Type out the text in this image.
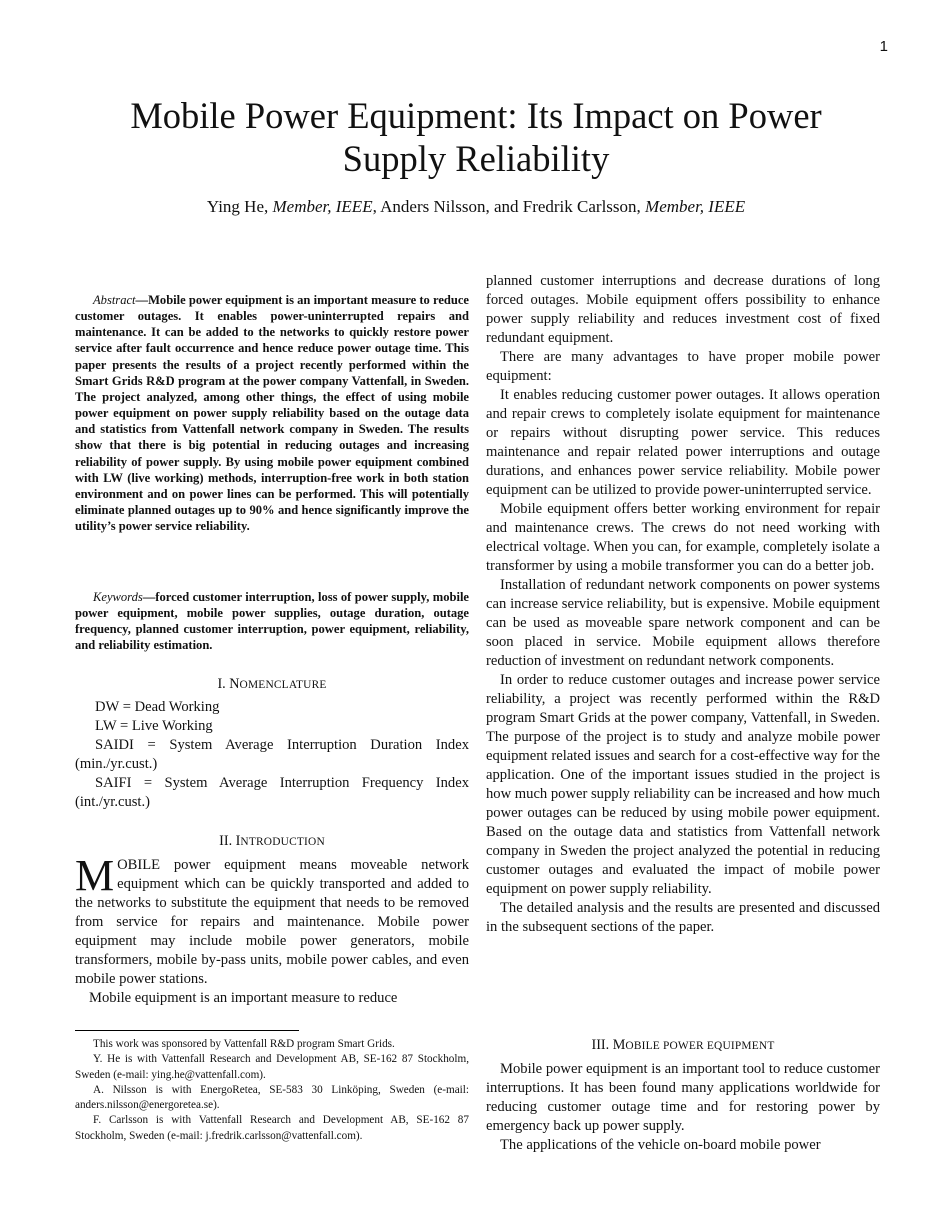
1
Mobile Power Equipment: Its Impact on Power
Supply Reliability
Ying He, Member, IEEE, Anders Nilsson, and Fredrik Carlsson, Member, IEEE
Abstract—Mobile power equipment is an important measure to reduce customer outages. It enables power-uninterrupted repairs and maintenance. It can be added to the networks to quickly restore power service after fault occurrence and hence reduce power outage time. This paper presents the results of a project recently performed within the Smart Grids R&D program at the power company Vattenfall, in Sweden. The project analyzed, among other things, the effect of using mobile power equipment on power supply reliability based on the outage data and statistics from Vattenfall network company in Sweden. The results show that there is big potential in reducing outages and increasing reliability of power supply. By using mobile power equipment combined with LW (live working) methods, interruption-free work in both station environment and on power lines can be performed. This will potentially eliminate planned outages up to 90% and hence significantly improve the utility’s power service reliability.
Keywords—forced customer interruption, loss of power supply, mobile power equipment, mobile power supplies, outage duration, outage frequency, planned customer interruption, power equipment, reliability, and reliability estimation.
I. NOMENCLATURE

DW = Dead Working

LW = Live Working

SAIDI = System Average Interruption Duration Index (min./yr.cust.)

SAIFI = System Average Interruption Frequency Index (int./yr.cust.)

II. INTRODUCTION

MOBILE power equipment means moveable network equipment which can be quickly transported and added to the networks to substitute the equipment that needs to be removed from service for repairs and maintenance. Mobile power equipment may include mobile power generators, mobile transformers, mobile by-pass units, mobile power cables, and even mobile power stations.

Mobile equipment is an important measure to reduce

This work was sponsored by Vattenfall R&D program Smart Grids.

Y. He is with Vattenfall Research and Development AB, SE-162 87 Stockholm, Sweden (e-mail: ying.he@vattenfall.com).

A. Nilsson is with EnergoRetea, SE-583 30 Linköping, Sweden (e-mail: anders.nilsson@energoretea.se).

F. Carlsson is with Vattenfall Research and Development AB, SE-162 87 Stockholm, Sweden (e-mail: j.fredrik.carlsson@vattenfall.com).

planned customer interruptions and decrease durations of long forced outages. Mobile equipment offers possibility to enhance power supply reliability and reduces investment cost of fixed redundant equipment.

There are many advantages to have proper mobile power equipment:

It enables reducing customer power outages. It allows operation and repair crews to completely isolate equipment for maintenance or repairs without disrupting power service. This reduces maintenance and repair related power interruptions and outage durations, and enhances power service reliability. Mobile power equipment can be utilized to provide power-uninterrupted service.

Mobile equipment offers better working environment for repair and maintenance crews. The crews do not need working with electrical voltage. When you can, for example, completely isolate a transformer by using a mobile transformer you can do a better job.

Installation of redundant network components on power systems can increase service reliability, but is expensive. Mobile equipment can be used as moveable spare network component and can be soon placed in service. Mobile equipment allows therefore reduction of investment on redundant network components.

In order to reduce customer outages and increase power service reliability, a project was recently performed within the R&D program Smart Grids at the power company, Vattenfall, in Sweden. The purpose of the project is to study and analyze mobile power equipment related issues and search for a cost-effective way for the application. One of the important issues studied in the project is how much power supply reliability can be increased and how much power outages can be reduced by using mobile power equipment. Based on the outage data and statistics from Vattenfall network company in Sweden the project analyzed the potential in reducing customer outages and evaluated the impact of mobile power equipment on power supply reliability.

The detailed analysis and the results are presented and discussed in the subsequent sections of the paper.

III. MOBILE POWER EQUIPMENT

Mobile power equipment is an important tool to reduce customer interruptions. It has been found many applications worldwide for reducing customer outage time and for restoring power by emergency back up power supply.

The applications of the vehicle on-board mobile power
